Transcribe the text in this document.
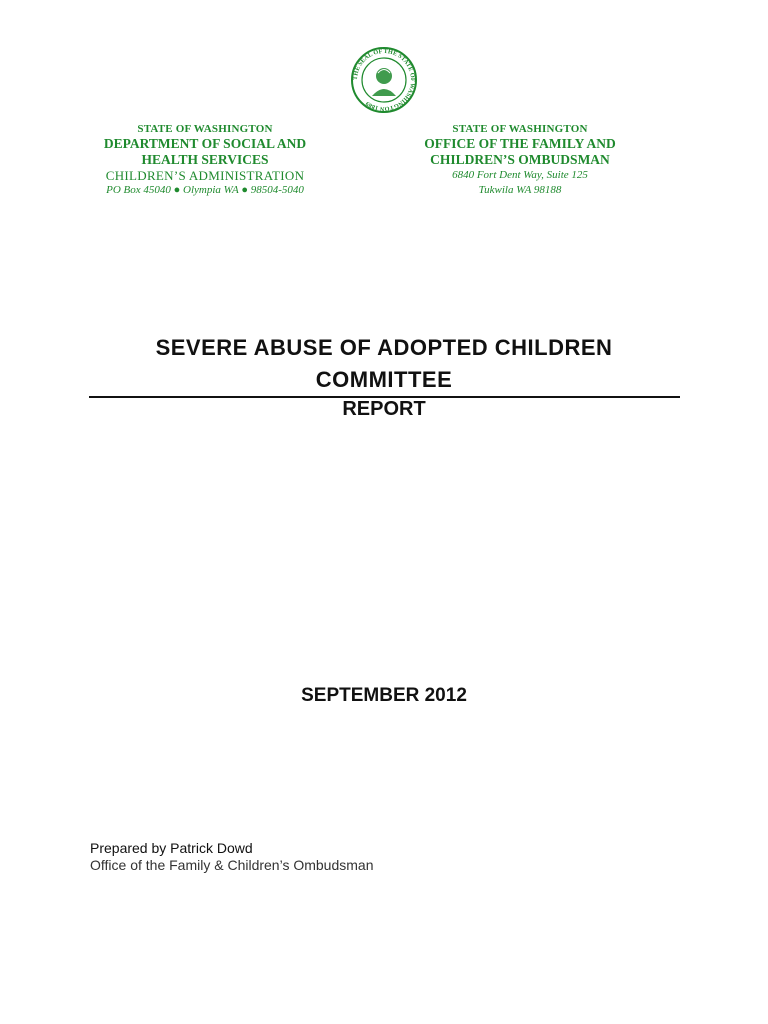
THE SEAL OF THE STATE OF WASHINGTON 1889
STATE OF WASHINGTON
DEPARTMENT OF SOCIAL AND
HEALTH SERVICES
CHILDREN’S ADMINISTRATION
PO Box 45040 ● Olympia WA ● 98504-5040
STATE OF WASHINGTON
OFFICE OF THE FAMILY AND
CHILDREN’S OMBUDSMAN
6840 Fort Dent Way, Suite 125
Tukwila WA 98188
SEVERE ABUSE OF ADOPTED CHILDREN
COMMITTEE
REPORT
SEPTEMBER 2012
Prepared by Patrick Dowd
Office of the Family & Children’s Ombudsman
